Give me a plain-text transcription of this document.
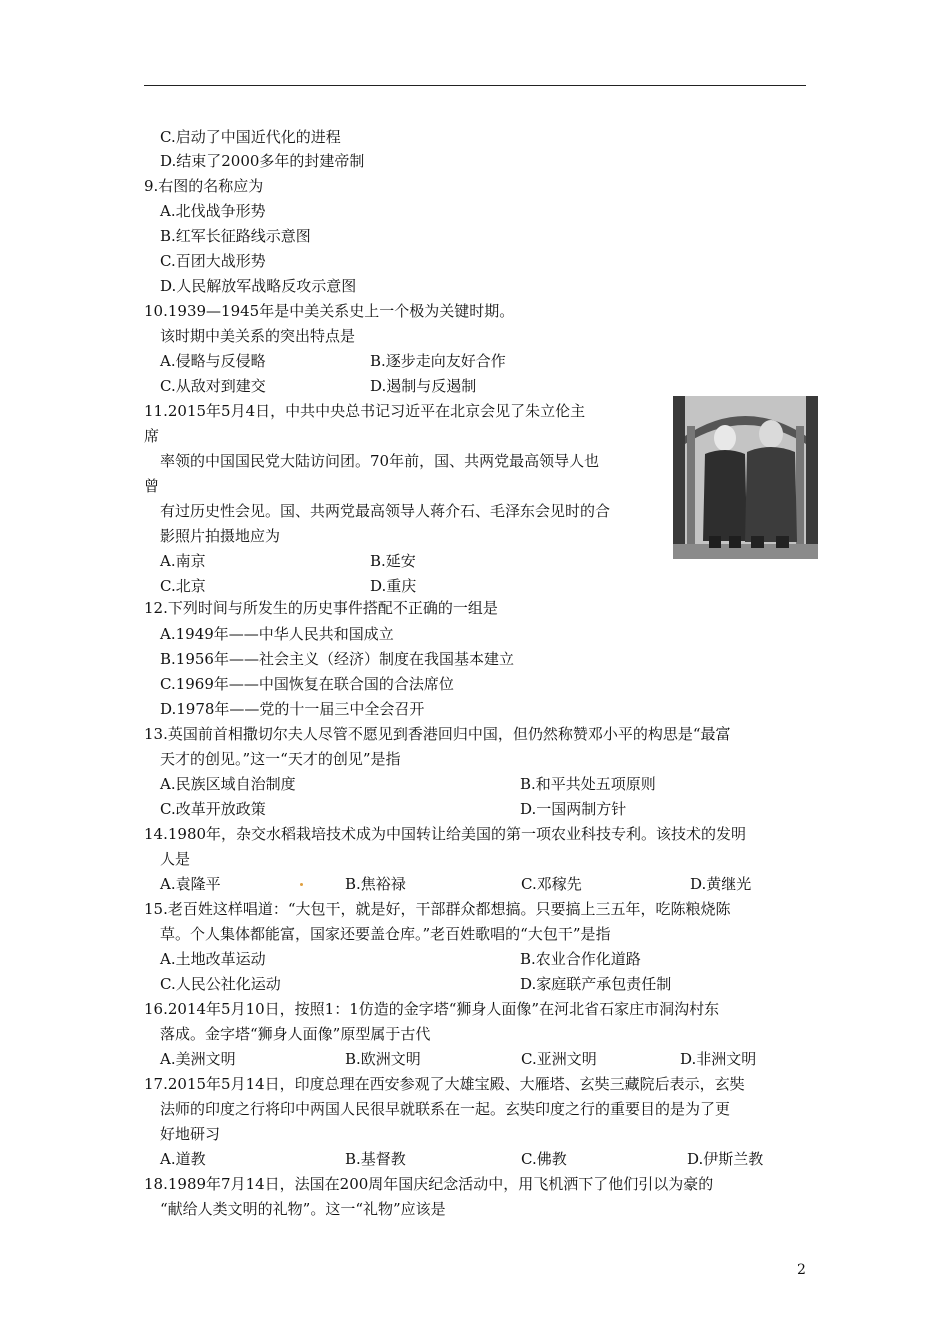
C.启动了中国近代化的进程
D.结束了2000多年的封建帝制
9.右图的名称应为
A.北伐战争形势
B.红军长征路线示意图
C.百团大战形势
D.人民解放军战略反攻示意图
10.1939—1945年是中美关系史上一个极为关键时期。
该时期中美关系的突出特点是
A.侵略与反侵略	B.逐步走向友好合作
C.从敌对到建交	D.遏制与反遏制
11.2015年5月4日，中共中央总书记习近平在北京会见了朱立伦主
席
率领的中国国民党大陆访问团。70年前，国、共两党最高领导人也
曾
有过历史性会见。国、共两党最高领导人蒋介石、毛泽东会见时的合
影照片拍摄地应为
A.南京	B.延安
C.北京	D.重庆
12.下列时间与所发生的历史事件搭配不正确的一组是
A.1949年——中华人民共和国成立
B.1956年——社会主义（经济）制度在我国基本建立
C.1969年——中国恢复在联合国的合法席位
D.1978年——党的十一届三中全会召开
13.英国前首相撒切尔夫人尽管不愿见到香港回归中国，但仍然称赞邓小平的构思是“最富
天才的创见。”这一“天才的创见”是指
A.民族区域自治制度	B.和平共处五项原则
C.改革开放政策	D.一国两制方针
14.1980年，杂交水稻栽培技术成为中国转让给美国的第一项农业科技专利。该技术的发明
人是
A.袁隆平	B.焦裕禄	C.邓稼先	D.黄继光
15.老百姓这样唱道：“大包干，就是好，干部群众都想搞。只要搞上三五年，吃陈粮烧陈
草。个人集体都能富，国家还要盖仓库。”老百姓歌唱的“大包干”是指
A.土地改革运动	B.农业合作化道路
C.人民公社化运动	D.家庭联产承包责任制
16.2014年5月10日，按照1：1仿造的金字塔“狮身人面像”在河北省石家庄市洞沟村东
落成。金字塔“狮身人面像”原型属于古代
A.美洲文明	B.欧洲文明	C.亚洲文明	D.非洲文明
17.2015年5月14日，印度总理在西安参观了大雄宝殿、大雁塔、玄奘三藏院后表示，玄奘
法师的印度之行将印中两国人民很早就联系在一起。玄奘印度之行的重要目的是为了更
好地研习
A.道教	B.基督教	C.佛教	D.伊斯兰教
18.1989年7月14日，法国在200周年国庆纪念活动中，用飞机洒下了他们引以为豪的
“献给人类文明的礼物”。这一“礼物”应该是
2
